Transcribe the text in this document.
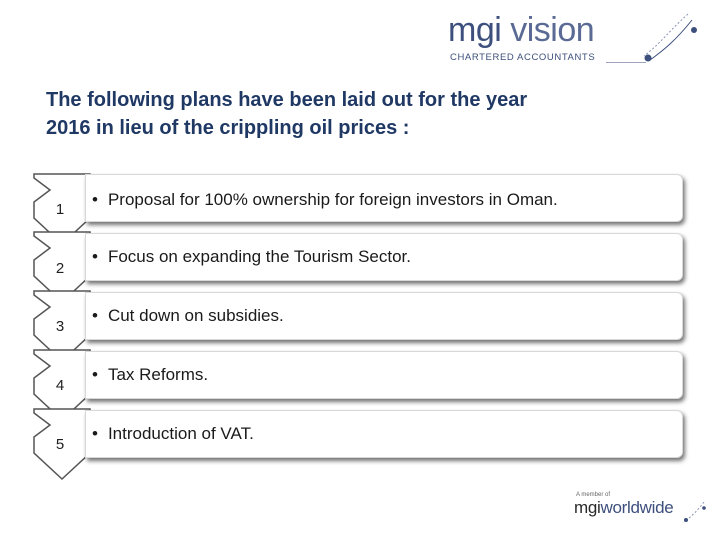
mgi vision
CHARTERED ACCOUNTANTS
The following plans have been laid out for the year
2016 in lieu of the crippling oil prices :
1
• Proposal for 100% ownership for foreign investors in Oman.
2
• Focus on expanding the Tourism Sector.
3
• Cut down on subsidies.
4
• Tax Reforms.
5
• Introduction of VAT.
A member of
mgiworldwide
